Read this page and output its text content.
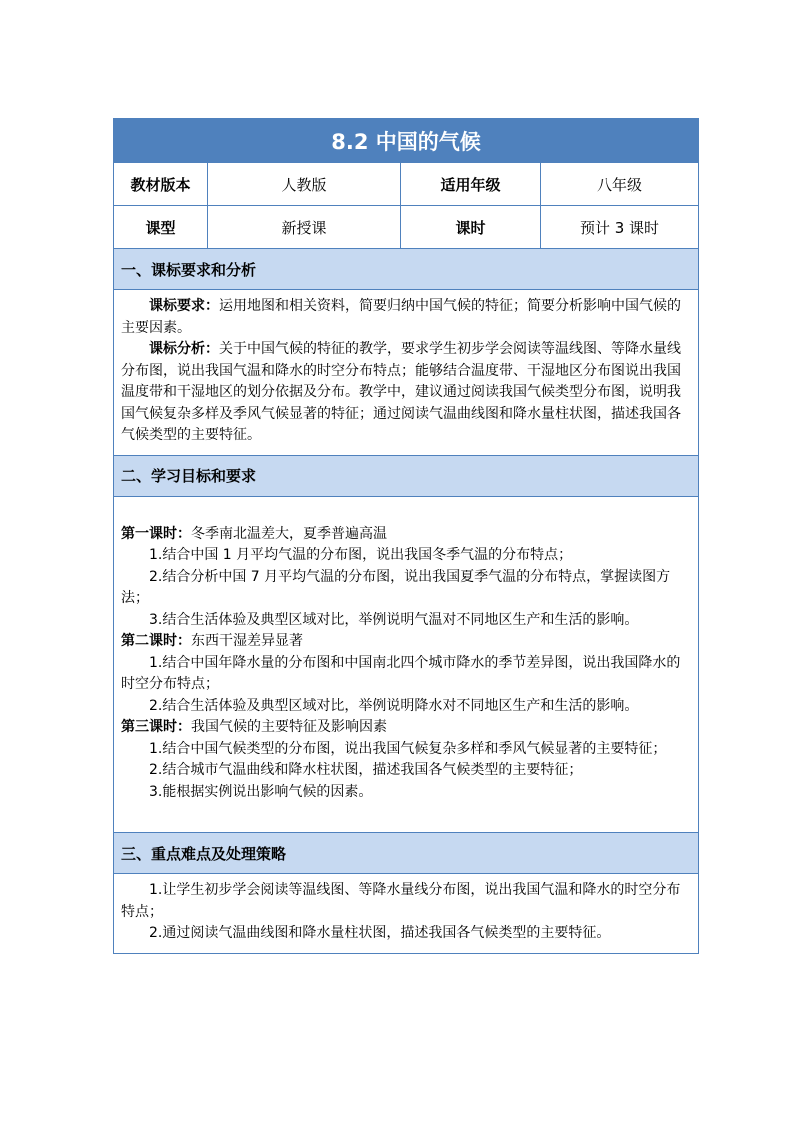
8.2 中国的气候
教材版本	人教版	适用年级	八年级
课型	新授课	课时	预计 3 课时
一、课标要求和分析

课标要求：运用地图和相关资料，简要归纳中国气候的特征；简要分析影响中国气候的主要因素。

课标分析：关于中国气候的特征的教学，要求学生初步学会阅读等温线图、等降水量线分布图，说出我国气温和降水的时空分布特点；能够结合温度带、干湿地区分布图说出我国温度带和干湿地区的划分依据及分布。教学中，建议通过阅读我国气候类型分布图，说明我国气候复杂多样及季风气候显著的特征；通过阅读气温曲线图和降水量柱状图，描述我国各气候类型的主要特征。

二、学习目标和要求

第一课时：冬季南北温差大，夏季普遍高温

1.结合中国 1 月平均气温的分布图，说出我国冬季气温的分布特点；

2.结合分析中国 7 月平均气温的分布图，说出我国夏季气温的分布特点，掌握读图方法；

3.结合生活体验及典型区域对比，举例说明气温对不同地区生产和生活的影响。

第二课时：东西干湿差异显著

1.结合中国年降水量的分布图和中国南北四个城市降水的季节差异图，说出我国降水的时空分布特点；

2.结合生活体验及典型区域对比，举例说明降水对不同地区生产和生活的影响。

第三课时：我国气候的主要特征及影响因素

1.结合中国气候类型的分布图，说出我国气候复杂多样和季风气候显著的主要特征；

2.结合城市气温曲线和降水柱状图，描述我国各气候类型的主要特征；

3.能根据实例说出影响气候的因素。

三、重点难点及处理策略

1.让学生初步学会阅读等温线图、等降水量线分布图，说出我国气温和降水的时空分布特点；

2.通过阅读气温曲线图和降水量柱状图，描述我国各气候类型的主要特征。
